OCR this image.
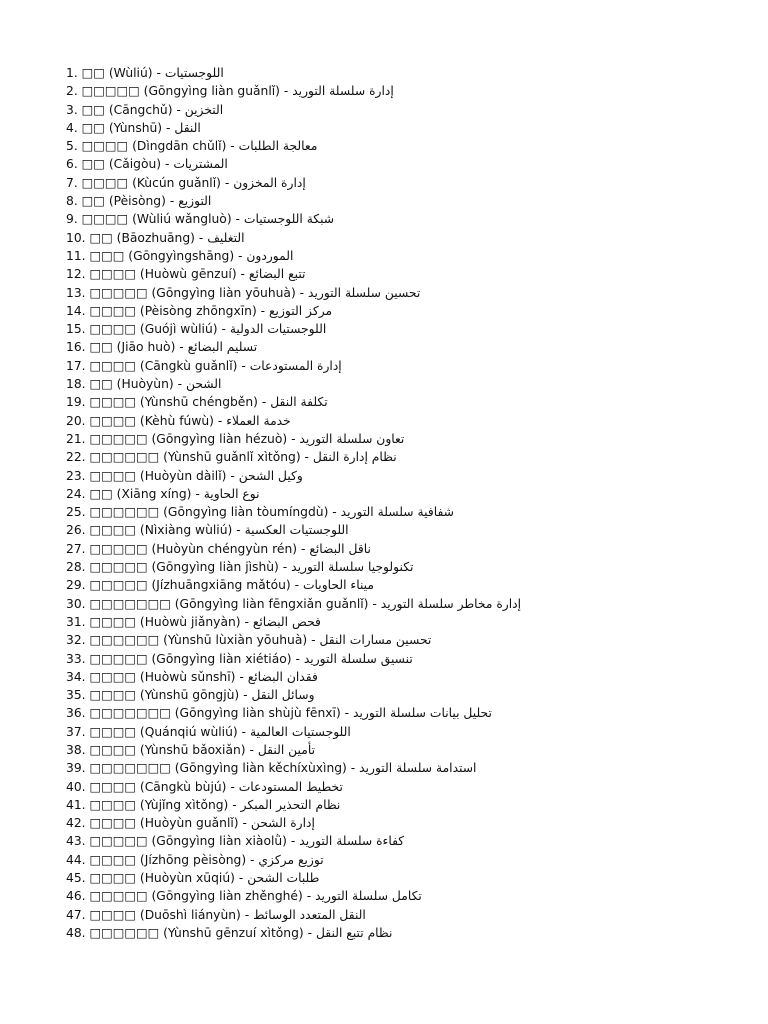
1. □□ (Wùliú) - اللوجستيات
2. □□□□□ (Gōngyìng liàn guǎnlǐ) - إدارة سلسلة التوريد
3. □□ (Cāngchǔ) - التخزين
4. □□ (Yùnshū) - النقل
5. □□□□ (Dìngdān chǔlǐ) - معالجة الطلبات
6. □□ (Cǎigòu) - المشتريات
7. □□□□ (Kùcún guǎnlǐ) - إدارة المخزون
8. □□ (Pèisòng) - التوزيع
9. □□□□ (Wùliú wǎngluò) - شبكة اللوجستيات
10. □□ (Bāozhuāng) - التغليف
11. □□□ (Gōngyìngshāng) - الموردون
12. □□□□ (Huòwù gēnzuí) - تتبع البضائع
13. □□□□□ (Gōngyìng liàn yōuhuà) - تحسين سلسلة التوريد
14. □□□□ (Pèisòng zhōngxīn) - مركز التوزيع
15. □□□□ (Guójì wùliú) - اللوجستيات الدولية
16. □□ (Jiāo huò) - تسليم البضائع
17. □□□□ (Cāngkù guǎnlǐ) - إدارة المستودعات
18. □□ (Huòyùn) - الشحن
19. □□□□ (Yùnshū chéngběn) - تكلفة النقل
20. □□□□ (Kèhù fúwù) - خدمة العملاء
21. □□□□□ (Gōngyìng liàn hézuò) - تعاون سلسلة التوريد
22. □□□□□□ (Yùnshū guǎnlǐ xìtǒng) - نظام إدارة النقل
23. □□□□ (Huòyùn dàilǐ) - وكيل الشحن
24. □□ (Xiāng xíng) - نوع الحاوية
25. □□□□□□ (Gōngyìng liàn tòumíngdù) - شفافية سلسلة التوريد
26. □□□□ (Nìxiàng wùliú) - اللوجستيات العكسية
27. □□□□□ (Huòyùn chéngyùn rén) - ناقل البضائع
28. □□□□□ (Gōngyìng liàn jìshù) - تكنولوجيا سلسلة التوريد
29. □□□□□ (Jízhuāngxiāng mǎtóu) - ميناء الحاويات
30. □□□□□□□ (Gōngyìng liàn fēngxiǎn guǎnlǐ) - إدارة مخاطر سلسلة التوريد
31. □□□□ (Huòwù jiǎnyàn) - فحص البضائع
32. □□□□□□ (Yùnshū lùxiàn yōuhuà) - تحسين مسارات النقل
33. □□□□□ (Gōngyìng liàn xiétiáo) - تنسيق سلسلة التوريد
34. □□□□ (Huòwù sǔnshī) - فقدان البضائع
35. □□□□ (Yùnshū gōngjù) - وسائل النقل
36. □□□□□□□ (Gōngyìng liàn shùjù fēnxī) - تحليل بيانات سلسلة التوريد
37. □□□□ (Quánqiú wùliú) - اللوجستيات العالمية
38. □□□□ (Yùnshū bǎoxiǎn) - تأمين النقل
39. □□□□□□□ (Gōngyìng liàn kěchíxùxìng) - استدامة سلسلة التوريد
40. □□□□ (Cāngkù bùjú) - تخطيط المستودعات
41. □□□□ (Yùjǐng xìtǒng) - نظام التحذير المبكر
42. □□□□ (Huòyùn guǎnlǐ) - إدارة الشحن
43. □□□□□ (Gōngyìng liàn xiàolǜ) - كفاءة سلسلة التوريد
44. □□□□ (Jízhōng pèisòng) - توزيع مركزي
45. □□□□ (Huòyùn xūqiú) - طلبات الشحن
46. □□□□□ (Gōngyìng liàn zhěnghé) - تكامل سلسلة التوريد
47. □□□□ (Duōshì liányùn) - النقل المتعدد الوسائط
48. □□□□□□ (Yùnshū gēnzuí xìtǒng) - نظام تتبع النقل
